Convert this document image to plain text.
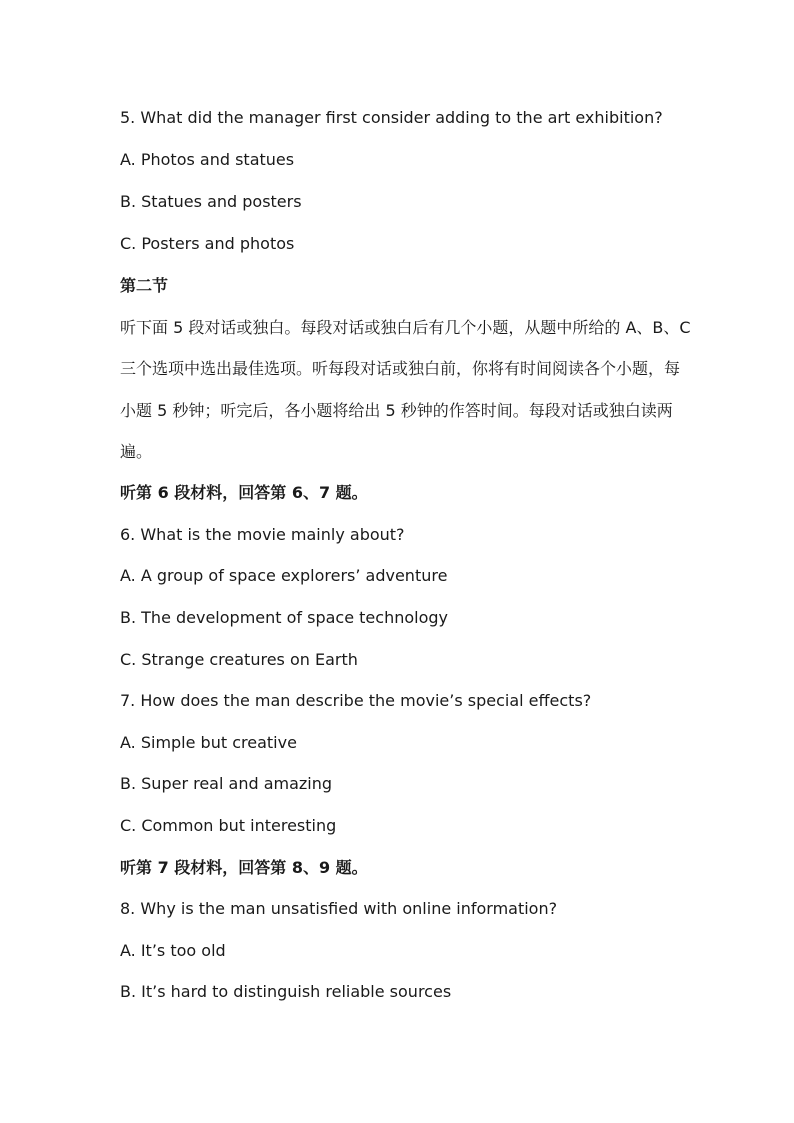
5. What did the manager first consider adding to the art exhibition?
A. Photos and statues
B. Statues and posters
C. Posters and photos
第二节
听下面 5 段对话或独白。每段对话或独白后有几个小题，从题中所给的 A、B、C
三个选项中选出最佳选项。听每段对话或独白前，你将有时间阅读各个小题，每
小题 5 秒钟；听完后，各小题将给出 5 秒钟的作答时间。每段对话或独白读两
遍。
听第 6 段材料，回答第 6、7 题。
6. What is the movie mainly about?
A. A group of space explorers’ adventure
B. The development of space technology
C. Strange creatures on Earth
7. How does the man describe the movie’s special effects?
A. Simple but creative
B. Super real and amazing
C. Common but interesting
听第 7 段材料，回答第 8、9 题。
8. Why is the man unsatisfied with online information?
A. It’s too old
B. It’s hard to distinguish reliable sources
